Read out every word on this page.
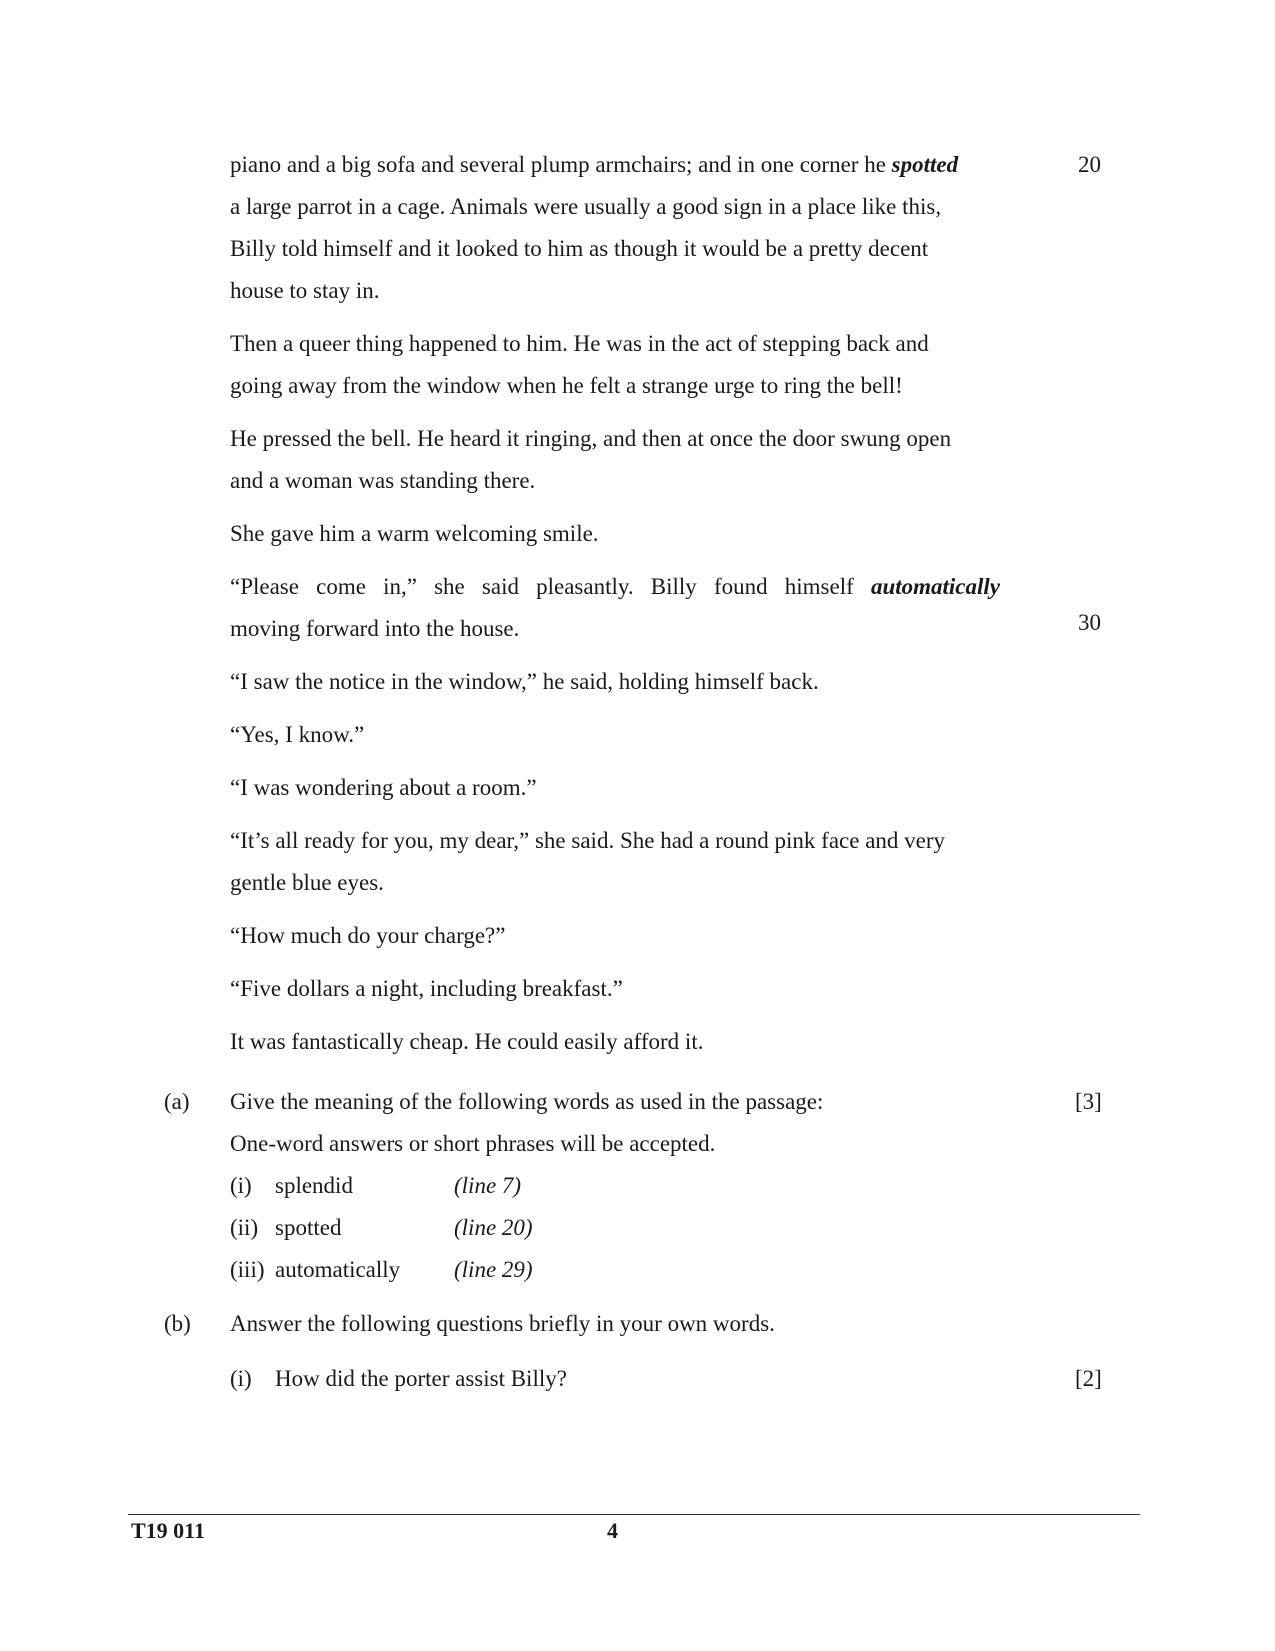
piano and a big sofa and several plump armchairs; and in one corner he spotted	20
a large parrot in a cage. Animals were usually a good sign in a place like this,
Billy told himself and it looked to him as though it would be a pretty decent
house to stay in.
Then a queer thing happened to him. He was in the act of stepping back and
going away from the window when he felt a strange urge to ring the bell!
He pressed the bell. He heard it ringing, and then at once the door swung open
and a woman was standing there.
She gave him a warm welcoming smile.
“Please come in,” she said pleasantly. Billy found himself automatically
moving forward into the house.	30
“I saw the notice in the window,” he said, holding himself back.
“Yes, I know.”
“I was wondering about a room.”
“It’s all ready for you, my dear,” she said. She had a round pink face and very
gentle blue eyes.
“How much do your charge?”
“Five dollars a night, including breakfast.”
It was fantastically cheap. He could easily afford it.
(a) Give the meaning of the following words as used in the passage:	[3]
One-word answers or short phrases will be accepted.
(i) splendid	(line 7)
(ii) spotted	(line 20)
(iii) automatically (line 29)
(b) Answer the following questions briefly in your own words.
(i) How did the porter assist Billy?	[2]
T19 011	4
